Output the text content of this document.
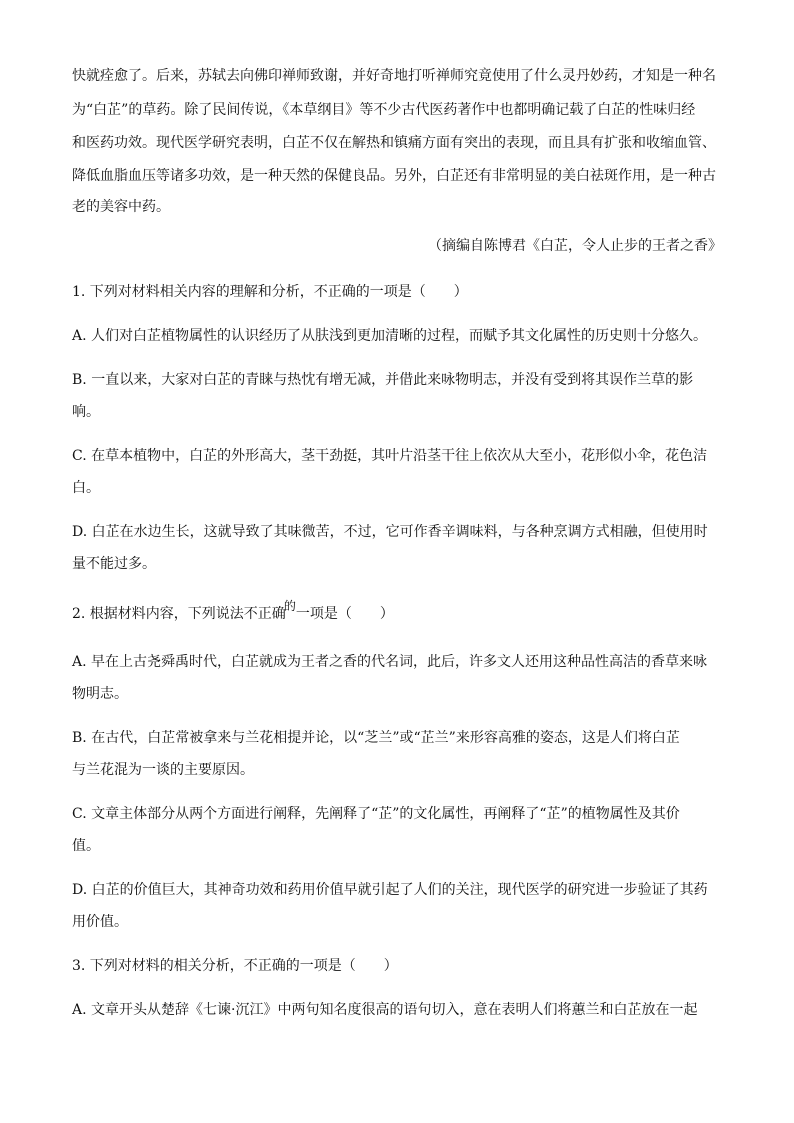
快就痊愈了。后来，苏轼去向佛印禅师致谢，并好奇地打听禅师究竟使用了什么灵丹妙药，才知是一种名
为“白芷”的草药。除了民间传说，《本草纲目》等不少古代医药著作中也都明确记载了白芷的性味归经
和医药功效。现代医学研究表明，白芷不仅在解热和镇痛方面有突出的表现，而且具有扩张和收缩血管、
降低血脂血压等诸多功效，是一种天然的保健良品。另外，白芷还有非常明显的美白祛斑作用，是一种古
老的美容中药。
（摘编自陈博君《白芷，令人止步的王者之香》
1. 下列对材料相关内容的理解和分析，不正确的一项是（　　）
A. 人们对白芷植物属性的认识经历了从肤浅到更加清晰的过程，而赋予其文化属性的历史则十分悠久。
B. 一直以来，大家对白芷的青睐与热忱有增无减，并借此来咏物明志，并没有受到将其误作兰草的影
响。
C. 在草本植物中，白芷的外形高大，茎干劲挺，其叶片沿茎干往上依次从大至小，花形似小伞，花色洁
白。
D. 白芷在水边生长，这就导致了其味微苦，不过，它可作香辛调味料，与各种烹调方式相融，但使用时
量不能过多。
2. 根据材料内容，下列说法不正确的一项是（　　）
A. 早在上古尧舜禹时代，白芷就成为王者之香的代名词，此后，许多文人还用这种品性高洁的香草来咏
物明志。
B. 在古代，白芷常被拿来与兰花相提并论，以“芝兰”或“芷兰”来形容高雅的姿态，这是人们将白芷
与兰花混为一谈的主要原因。
C. 文章主体部分从两个方面进行阐释，先阐释了“芷”的文化属性，再阐释了“芷”的植物属性及其价
值。
D. 白芷的价值巨大，其神奇功效和药用价值早就引起了人们的关注，现代医学的研究进一步验证了其药
用价值。
3. 下列对材料的相关分析，不正确的一项是（　　）
A. 文章开头从楚辞《七谏·沉江》中两句知名度很高的语句切入，意在表明人们将蕙兰和白芷放在一起
